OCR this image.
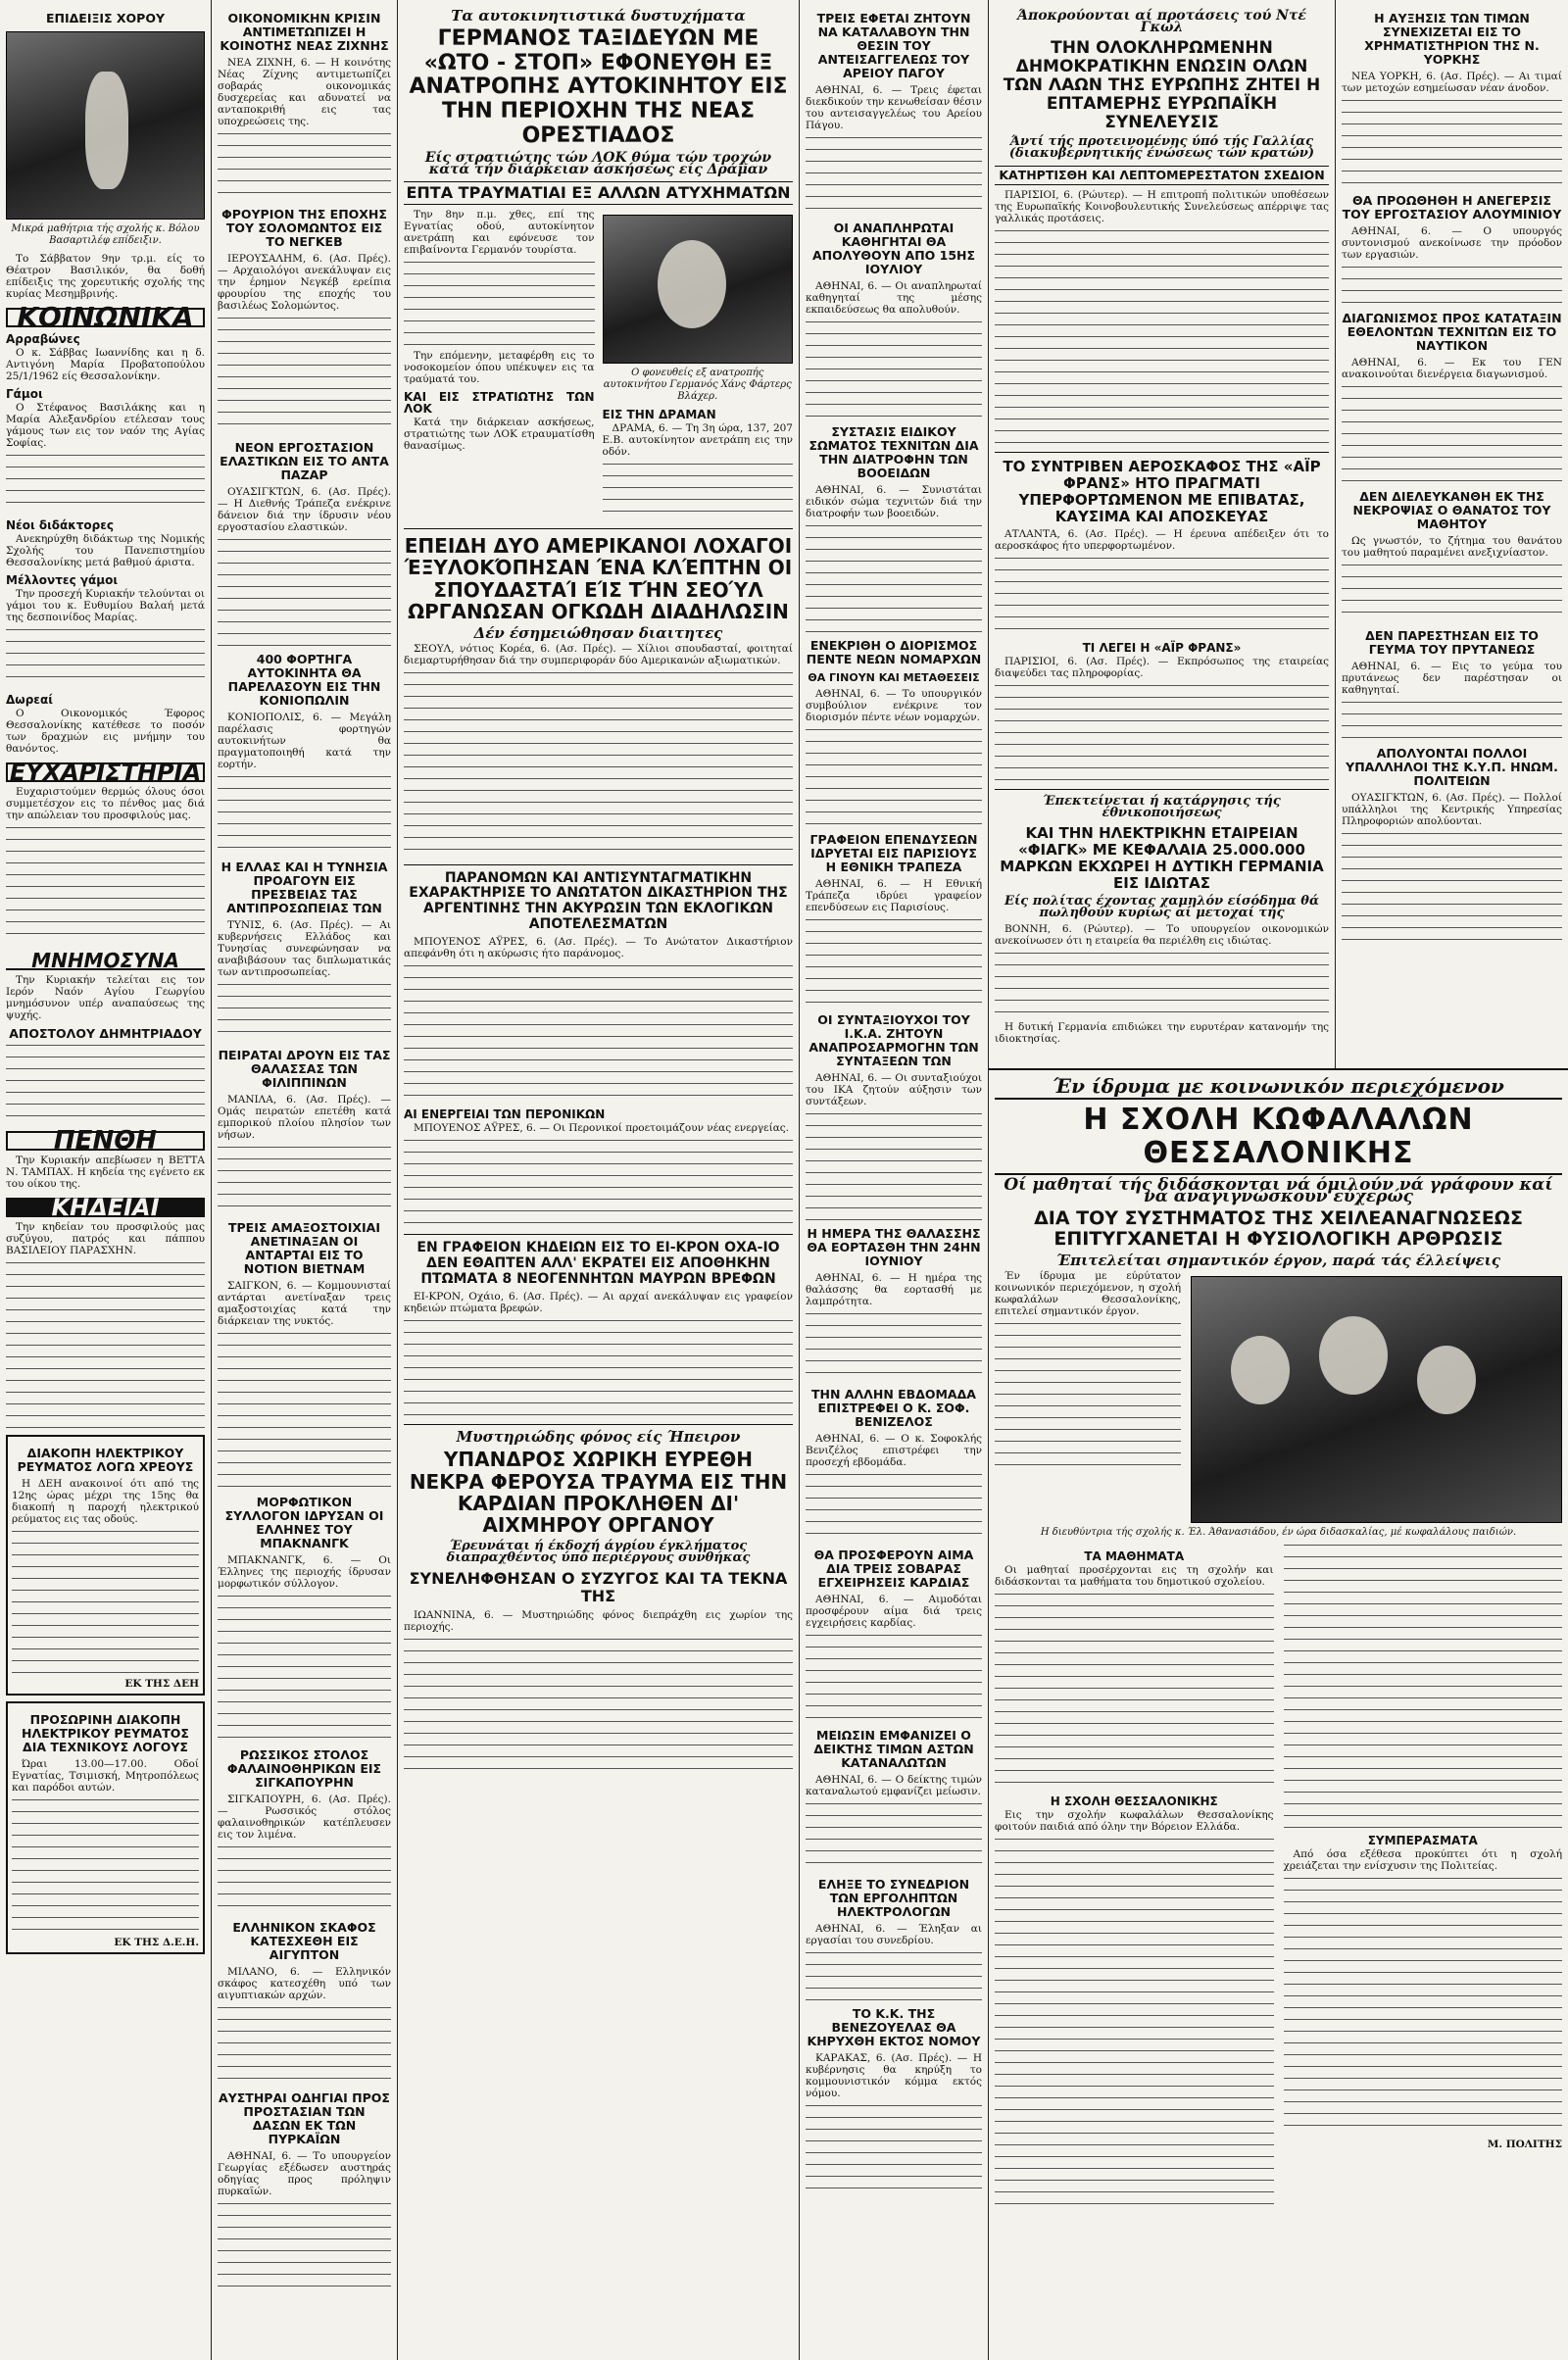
ΕΠΙΔΕΙΞΙΣ ΧΟΡΟΥ
Μικρά μαθήτρια τής σχολής κ. Βόλου Βασαρτιλέφ επίδειξιν.

Το Σάββατον 9ην τρ.μ. είς το Θέατρον Βασιλικόν, θα δοθή επίδειξις της χορευτικής σχολής της κυρίας Μεσημβρινής.

ΚΟΙΝΩΝΙΚΑ
Αρραβώνες

Ο κ. Σάββας Ιωαννίδης και η δ. Αντιγόνη Μαρία Προβατοπούλου 25/1/1962 είς Θεσσαλονίκην.

Γάμοι

Ο Στέφανος Βασιλάκης και η Μαρία Αλεξανδρίου ετέλεσαν τους γάμους των εις τον ναόν της Αγίας Σοφίας.

Νέοι διδάκτορες

Ανεκηρύχθη διδάκτωρ της Νομικής Σχολής του Πανεπιστημίου Θεσσαλονίκης μετά βαθμού άριστα.

Μέλλοντες γάμοι

Την προσεχή Κυριακήν τελούνται οι γάμοι του κ. Ευθυμίου Βαλαή μετά της δεσποινίδος Μαρίας.

Δωρεαί

Ο Οικονομικός Έφορος Θεσσαλονίκης κατέθεσε το ποσόν των δραχμών εις μνήμην του θανόντος.

ΕΥΧΑΡΙΣΤΗΡΙΑ

Ευχαριστούμεν θερμώς όλους όσοι συμμετέσχον εις το πένθος μας διά την απώλειαν του προσφιλούς μας.

ΜΝΗΜΟΣΥΝΑ

Την Κυριακήν τελείται εις τον Ιερόν Ναόν Αγίου Γεωργίου μνημόσυνον υπέρ αναπαύσεως της ψυχής.

ΑΠΟΣΤΟΛΟΥ ΔΗΜΗΤΡΙΑΔΟΥ
ΠΕΝΘΗ

Την Κυριακήν απεβίωσεν η ΒΕΤΤΑ Ν. ΤΑΜΠΑΧ. Η κηδεία της εγένετο εκ του οίκου της.

ΚΗΔΕΙΑΙ

Την κηδείαν του προσφιλούς μας συζύγου, πατρός και πάππου ΒΑΣΙΛΕΙΟΥ ΠΑΡΑΣΧΗΝ.

ΔΙΑΚΟΠΗ ΗΛΕΚΤΡΙΚΟΥ ΡΕΥΜΑΤΟΣ ΛΟΓΩ ΧΡΕΟΥΣ

Η ΔΕΗ ανακοινοί ότι από της 12ης ώρας μέχρι της 15ης θα διακοπή η παροχή ηλεκτρικού ρεύματος εις τας οδούς.

ΕΚ ΤΗΣ ΔΕΗ
ΠΡΟΣΩΡΙΝΗ ΔΙΑΚΟΠΗ ΗΛΕΚΤΡΙΚΟΥ ΡΕΥΜΑΤΟΣ ΔΙΑ ΤΕΧΝΙΚΟΥΣ ΛΟΓΟΥΣ

Ώραι 13.00—17.00. Οδοί Εγνατίας, Τσιμισκή, Μητροπόλεως και παρόδοι αυτών.

ΕΚ ΤΗΣ Δ.Ε.Η.
ΟΙΚΟΝΟΜΙΚΗΝ ΚΡΙΣΙΝ ΑΝΤΙΜΕΤΩΠΙΖΕΙ Η ΚΟΙΝΟΤΗΣ ΝΕΑΣ ΖΙΧΝΗΣ

ΝΕΑ ΖΙΧΝΗ, 6. — Η κοινότης Νέας Ζίχνης αντιμετωπίζει σοβαράς οικονομικάς δυσχερείας και αδυνατεί να ανταποκριθή εις τας υποχρεώσεις της.

ΦΡΟΥΡΙΟΝ ΤΗΣ ΕΠΟΧΗΣ ΤΟΥ ΣΟΛΟΜΩΝΤΟΣ ΕΙΣ ΤΟ ΝΕΓΚΕΒ

ΙΕΡΟΥΣΑΛΗΜ, 6. (Ασ. Πρές). — Αρχαιολόγοι ανεκάλυψαν εις την έρημον Νεγκέβ ερείπια φρουρίου της εποχής του βασιλέως Σολομώντος.

ΝΕΟΝ ΕΡΓΟΣΤΑΣΙΟΝ ΕΛΑΣΤΙΚΩΝ ΕΙΣ ΤΟ ΑΝΤΑ ΠΑΖΑΡ

ΟΥΑΣΙΓΚΤΩΝ, 6. (Ασ. Πρές). — Η Διεθνής Τράπεζα ενέκρινε δάνειον διά την ίδρυσιν νέου εργοστασίου ελαστικών.

400 ΦΟΡΤΗΓΑ ΑΥΤΟΚΙΝΗΤΑ ΘΑ ΠΑΡΕΛΑΣΟΥΝ ΕΙΣ ΤΗΝ ΚΟΝΙΟΠΩΛΙΝ

ΚΟΝΙΟΠΟΛΙΣ, 6. — Μεγάλη παρέλασις φορτηγών αυτοκινήτων θα πραγματοποιηθή κατά την εορτήν.

Η ΕΛΛΑΣ ΚΑΙ Η ΤΥΝΗΣΙΑ ΠΡΟΑΓΟΥΝ ΕΙΣ ΠΡΕΣΒΕΙΑΣ ΤΑΣ ΑΝΤΙΠΡΟΣΩΠΕΙΑΣ ΤΩΝ

ΤΥΝΙΣ, 6. (Ασ. Πρές). — Αι κυβερνήσεις Ελλάδος και Τυνησίας συνεφώνησαν να αναβιβάσουν τας διπλωματικάς των αντιπροσωπείας.

ΠΕΙΡΑΤΑΙ ΔΡΟΥΝ ΕΙΣ ΤΑΣ ΘΑΛΑΣΣΑΣ ΤΩΝ ΦΙΛΙΠΠΙΝΩΝ

ΜΑΝΙΛΑ, 6. (Ασ. Πρές). — Ομάς πειρατών επετέθη κατά εμπορικού πλοίου πλησίον των νήσων.

ΤΡΕΙΣ ΑΜΑΞΟΣΤΟΙΧΙΑΙ ΑΝΕΤΙΝΑΞΑΝ ΟΙ ΑΝΤΑΡΤΑΙ ΕΙΣ ΤΟ ΝΟΤΙΟΝ ΒΙΕΤΝΑΜ

ΣΑΙΓΚΟΝ, 6. — Κομμουνισταί αντάρται ανετίναξαν τρεις αμαξοστοιχίας κατά την διάρκειαν της νυκτός.

ΜΟΡΦΩΤΙΚΟΝ ΣΥΛΛΟΓΟΝ ΙΔΡΥΣΑΝ ΟΙ ΕΛΛΗΝΕΣ ΤΟΥ ΜΠΑΚΝΑΝΓΚ

ΜΠΑΚΝΑΝΓΚ, 6. — Οι Έλληνες της περιοχής ίδρυσαν μορφωτικόν σύλλογον.

ΡΩΣΣΙΚΟΣ ΣΤΟΛΟΣ ΦΑΛΑΙΝΟΘΗΡΙΚΩΝ ΕΙΣ ΣΙΓΚΑΠΟΥΡΗΝ

ΣΙΓΚΑΠΟΥΡΗ, 6. (Ασ. Πρές). — Ρωσσικός στόλος φαλαινοθηρικών κατέπλευσεν εις τον λιμένα.

ΕΛΛΗΝΙΚΟΝ ΣΚΑΦΟΣ ΚΑΤΕΣΧΕΘΗ ΕΙΣ ΑΙΓΥΠΤΟΝ

ΜΙΛΑΝΟ, 6. — Ελληνικόν σκάφος κατεσχέθη υπό των αιγυπτιακών αρχών.

ΑΥΣΤΗΡΑΙ ΟΔΗΓΙΑΙ ΠΡΟΣ ΠΡΟΣΤΑΣΙΑΝ ΤΩΝ ΔΑΣΩΝ ΕΚ ΤΩΝ ΠΥΡΚΑΪΩΝ

ΑΘΗΝΑΙ, 6. — Το υπουργείον Γεωργίας εξέδωσεν αυστηράς οδηγίας προς πρόληψιν πυρκαϊών.

Τα αυτοκινητιστικά δυστυχήματα
ΓΕΡΜΑΝΟΣ ΤΑΞΙΔΕΥΩΝ ΜΕ «ΩΤΟ - ΣΤΟΠ» ΕΦΟΝΕΥΘΗ ΕΞ ΑΝΑΤΡΟΠΗΣ ΑΥΤΟΚΙΝΗΤΟΥ ΕΙΣ ΤΗΝ ΠΕΡΙΟΧΗΝ ΤΗΣ ΝΕΑΣ ΟΡΕΣΤΙΑΔΟΣ
Είς στρατιώτης τών ΛΟΚ θύμα τών τροχών κατά τήν διάρκειαν άσκήσεως είς Δράμαν
ΕΠΤΑ ΤΡΑΥΜΑΤΙΑΙ ΕΞ ΑΛΛΩΝ ΑΤΥΧΗΜΑΤΩΝ

Την 8ην π.μ. χθες, επί της Εγνατίας οδού, αυτοκίνητον ανετράπη και εφόνευσε τον επιβαίνοντα Γερμανόν τουρίστα.

Την επόμενην, μεταφέρθη εις το νοσοκομείον όπου υπέκυψεν εις τα τραύματά του.

ΚΑΙ ΕΙΣ ΣΤΡΑΤΙΩΤΗΣ ΤΩΝ ΛΟΚ

Κατά την διάρκειαν ασκήσεως, στρατιώτης των ΛΟΚ ετραυματίσθη θανασίμως.

Ο φονευθείς εξ ανατροπής αυτοκινήτου Γερμανός Χάνς Φάρτερς Βλάχερ.
ΕΙΣ ΤΗΝ ΔΡΑΜΑΝ

ΔΡΑΜΑ, 6. — Τη 3η ώρα, 137, 207 Ε.Β. αυτοκίνητον ανετράπη εις την οδόν.

ΕΠΕΙΔΗ ΔΥΟ ΑΜΕΡΙΚΑΝΟΙ ΛΟΧΑΓΟΙ ΈΞΥΛΟΚΌΠΗΣΑΝ ΈΝΑ ΚΛΈΠΤΗΝ ΟΙ ΣΠΟΥΔΑΣΤΑΊ ΕΊΣ ΤΉΝ ΣΕΟΎΛ ΩΡΓΑΝΩΣΑΝ ΟΓΚΩΔΗ ΔΙΑΔΗΛΩΣΙΝ
Δέν έσημειώθησαν διαιτητες

ΣΕΟΥΛ, νότιος Κορέα, 6. (Ασ. Πρές). — Χίλιοι σπουδασταί, φοιτηταί διεμαρτυρήθησαν διά την συμπεριφοράν δύο Αμερικανών αξιωματικών.

ΠΑΡΑΝΟΜΩΝ ΚΑΙ ΑΝΤΙΣΥΝΤΑΓΜΑΤΙΚΗΝ ΕΧΑΡΑΚΤΗΡΙΣΕ ΤΟ ΑΝΩΤΑΤΟΝ ΔΙΚΑΣΤΗΡΙΟΝ ΤΗΣ ΑΡΓΕΝΤΙΝΗΣ ΤΗΝ ΑΚΥΡΩΣΙΝ ΤΩΝ ΕΚΛΟΓΙΚΩΝ ΑΠΟΤΕΛΕΣΜΑΤΩΝ

ΜΠΟΥΕΝΟΣ ΑΫΡΕΣ, 6. (Ασ. Πρές). — Το Ανώτατον Δικαστήριον απεφάνθη ότι η ακύρωσις ήτο παράνομος.

ΑΙ ΕΝΕΡΓΕΙΑΙ ΤΩΝ ΠΕΡΟΝΙΚΩΝ

ΜΠΟΥΕΝΟΣ ΑΫΡΕΣ, 6. — Οι Περονικοί προετοιμάζουν νέας ενεργείας.

ΕΝ ΓΡΑΦΕΙΟΝ ΚΗΔΕΙΩΝ ΕΙΣ ΤΟ ΕΙ-ΚΡΟΝ ΟΧΑ-ΙΟ ΔΕΝ ΕΘΑΠΤΕΝ ΑΛΛ' ΕΚΡΑΤΕΙ ΕΙΣ ΑΠΟΘΗΚΗΝ ΠΤΩΜΑΤΑ 8 ΝΕΟΓΕΝΝΗΤΩΝ ΜΑΥΡΩΝ ΒΡΕΦΩΝ

ΕΙ-ΚΡΟΝ, Οχάιο, 6. (Ασ. Πρές). — Αι αρχαί ανεκάλυψαν εις γραφείον κηδειών πτώματα βρεφών.

Μυστηριώδης φόνος είς Ήπειρον
ΥΠΑΝΔΡΟΣ ΧΩΡΙΚΗ ΕΥΡΕΘΗ ΝΕΚΡΑ ΦΕΡΟΥΣΑ ΤΡΑΥΜΑ ΕΙΣ ΤΗΝ ΚΑΡΔΙΑΝ ΠΡΟΚΛΗΘΕΝ ΔΙ' ΑΙΧΜΗΡΟΥ ΟΡΓΑΝΟΥ
Έρευνάται ή έκδοχή άγρίου έγκλήματος διαπραχθέντος ύπό περιέργους συνθήκας
ΣΥΝΕΛΗΦΘΗΣΑΝ Ο ΣΥΖΥΓΟΣ ΚΑΙ ΤΑ ΤΕΚΝΑ ΤΗΣ

ΙΩΑΝΝΙΝΑ, 6. — Μυστηριώδης φόνος διεπράχθη εις χωρίον της περιοχής.

ΤΡΕΙΣ ΕΦΕΤΑΙ ΖΗΤΟΥΝ ΝΑ ΚΑΤΑΛΑΒΟΥΝ ΤΗΝ ΘΕΣΙΝ ΤΟΥ ΑΝΤΕΙΣΑΓΓΕΛΕΩΣ ΤΟΥ ΑΡΕΙΟΥ ΠΑΓΟΥ

ΑΘΗΝΑΙ, 6. — Τρεις έφεται διεκδικούν την κενωθείσαν θέσιν του αντεισαγγελέως του Αρείου Πάγου.

ΟΙ ΑΝΑΠΛΗΡΩΤΑΙ ΚΑΘΗΓΗΤΑΙ ΘΑ ΑΠΟΛΥΘΟΥΝ ΑΠΟ 15ΗΣ ΙΟΥΛΙΟΥ

ΑΘΗΝΑΙ, 6. — Οι αναπληρωταί καθηγηταί της μέσης εκπαιδεύσεως θα απολυθούν.

ΣΥΣΤΑΣΙΣ ΕΙΔΙΚΟΥ ΣΩΜΑΤΟΣ ΤΕΧΝΙΤΩΝ ΔΙΑ ΤΗΝ ΔΙΑΤΡΟΦΗΝ ΤΩΝ ΒΟΟΕΙΔΩΝ

ΑΘΗΝΑΙ, 6. — Συνιστάται ειδικόν σώμα τεχνιτών διά την διατροφήν των βοοειδών.

ΕΝΕΚΡΙΘΗ Ο ΔΙΟΡΙΣΜΟΣ ΠΕΝΤΕ ΝΕΩΝ ΝΟΜΑΡΧΩΝ
ΘΑ ΓΙΝΟΥΝ ΚΑΙ ΜΕΤΑΘΕΣΕΙΣ

ΑΘΗΝΑΙ, 6. — Το υπουργικόν συμβούλιον ενέκρινε τον διορισμόν πέντε νέων νομαρχών.

ΓΡΑΦΕΙΟΝ ΕΠΕΝΔΥΣΕΩΝ ΙΔΡΥΕΤΑΙ ΕΙΣ ΠΑΡΙΣΙΟΥΣ Η ΕΘΝΙΚΗ ΤΡΑΠΕΖΑ

ΑΘΗΝΑΙ, 6. — Η Εθνική Τράπεζα ιδρύει γραφείον επενδύσεων εις Παρισίους.

ΟΙ ΣΥΝΤΑΞΙΟΥΧΟΙ ΤΟΥ Ι.Κ.Α. ΖΗΤΟΥΝ ΑΝΑΠΡΟΣΑΡΜΟΓΗΝ ΤΩΝ ΣΥΝΤΑΞΕΩΝ ΤΩΝ

ΑΘΗΝΑΙ, 6. — Οι συνταξιούχοι του ΙΚΑ ζητούν αύξησιν των συντάξεων.

Η ΗΜΕΡΑ ΤΗΣ ΘΑΛΑΣΣΗΣ ΘΑ ΕΟΡΤΑΣΘΗ ΤΗΝ 24ΗΝ ΙΟΥΝΙΟΥ

ΑΘΗΝΑΙ, 6. — Η ημέρα της θαλάσσης θα εορτασθή με λαμπρότητα.

ΤΗΝ ΑΛΛΗΝ ΕΒΔΟΜΑΔΑ ΕΠΙΣΤΡΕΦΕΙ Ο Κ. ΣΟΦ. ΒΕΝΙΖΕΛΟΣ

ΑΘΗΝΑΙ, 6. — Ο κ. Σοφοκλής Βενιζέλος επιστρέφει την προσεχή εβδομάδα.

ΘΑ ΠΡΟΣΦΕΡΟΥΝ ΑΙΜΑ ΔΙΑ ΤΡΕΙΣ ΣΟΒΑΡΑΣ ΕΓΧΕΙΡΗΣΕΙΣ ΚΑΡΔΙΑΣ

ΑΘΗΝΑΙ, 6. — Αιμοδόται προσφέρουν αίμα διά τρεις εγχειρήσεις καρδίας.

ΜΕΙΩΣΙΝ ΕΜΦΑΝΙΖΕΙ Ο ΔΕΙΚΤΗΣ ΤΙΜΩΝ ΑΣΤΩΝ ΚΑΤΑΝΑΛΩΤΩΝ

ΑΘΗΝΑΙ, 6. — Ο δείκτης τιμών καταναλωτού εμφανίζει μείωσιν.

ΕΛΗΞΕ ΤΟ ΣΥΝΕΔΡΙΟΝ ΤΩΝ ΕΡΓΟΛΗΠΤΩΝ ΗΛΕΚΤΡΟΛΟΓΩΝ

ΑΘΗΝΑΙ, 6. — Έληξαν αι εργασίαι του συνεδρίου.

ΤΟ Κ.Κ. ΤΗΣ ΒΕΝΕΖΟΥΕΛΑΣ ΘΑ ΚΗΡΥΧΘΗ ΕΚΤΟΣ ΝΟΜΟΥ

ΚΑΡΑΚΑΣ, 6. (Ασ. Πρές). — Η κυβέρνησις θα κηρύξη το κομμουνιστικόν κόμμα εκτός νόμου.

Άποκρούονται αί προτάσεις τού Ντέ Γκώλ
ΤΗΝ ΟΛΟΚΛΗΡΩΜΕΝΗΝ ΔΗΜΟΚΡΑΤΙΚΗΝ ΕΝΩΣΙΝ ΟΛΩΝ ΤΩΝ ΛΑΩΝ ΤΗΣ ΕΥΡΩΠΗΣ ΖΗΤΕΙ Η ΕΠΤΑΜΕΡΗΣ ΕΥΡΩΠΑΪΚΗ ΣΥΝΕΛΕΥΣΙΣ
Άντί τής προτεινομένης ύπό τής Γαλλίας (διακυβερνητικής ένώσεως τών κρατών)
ΚΑΤΗΡΤΙΣΘΗ ΚΑΙ ΛΕΠΤΟΜΕΡΕΣΤΑΤΟΝ ΣΧΕΔΙΟΝ

ΠΑΡΙΣΙΟΙ, 6. (Ρώυτερ). — Η επιτροπή πολιτικών υποθέσεων της Ευρωπαϊκής Κοινοβουλευτικής Συνελεύσεως απέρριψε τας γαλλικάς προτάσεις.

ΤΟ ΣΥΝΤΡΙΒΕΝ ΑΕΡΟΣΚΑΦΟΣ ΤΗΣ «ΑΪΡ ΦΡΑΝΣ» ΗΤΟ ΠΡΑΓΜΑΤΙ ΥΠΕΡΦΟΡΤΩΜΕΝΟΝ ΜΕ ΕΠΙΒΑΤΑΣ, ΚΑΥΣΙΜΑ ΚΑΙ ΑΠΟΣΚΕΥΑΣ

ΑΤΛΑΝΤΑ, 6. (Ασ. Πρές). — Η έρευνα απέδειξεν ότι το αεροσκάφος ήτο υπερφορτωμένον.

ΤΙ ΛΕΓΕΙ Η «ΑΪΡ ΦΡΑΝΣ»

ΠΑΡΙΣΙΟΙ, 6. (Ασ. Πρές). — Εκπρόσωπος της εταιρείας διαψεύδει τας πληροφορίας.

Έπεκτείνεται ή κατάργησις τής έθνικοποιήσεως
ΚΑΙ ΤΗΝ ΗΛΕΚΤΡΙΚΗΝ ΕΤΑΙΡΕΙΑΝ «ΦΙΑΓΚ» ΜΕ ΚΕΦΑΛΑΙΑ 25.000.000 ΜΑΡΚΩΝ ΕΚΧΩΡΕΙ Η ΔΥΤΙΚΗ ΓΕΡΜΑΝΙΑ ΕΙΣ ΙΔΙΩΤΑΣ
Είς πολίτας έχοντας χαμηλόν είσόδημα θά πωληθούν κυρίως αί μετοχαί τής

ΒΟΝΝΗ, 6. (Ρώυτερ). — Το υπουργείον οικονομικών ανεκοίνωσεν ότι η εταιρεία θα περιέλθη εις ιδιώτας.

Η δυτική Γερμανία επιδιώκει την ευρυτέραν κατανομήν της ιδιοκτησίας.

Η ΑΥΞΗΣΙΣ ΤΩΝ ΤΙΜΩΝ ΣΥΝΕΧΙΖΕΤΑΙ ΕΙΣ ΤΟ ΧΡΗΜΑΤΙΣΤΗΡΙΟΝ ΤΗΣ Ν. ΥΟΡΚΗΣ

ΝΕΑ ΥΟΡΚΗ, 6. (Ασ. Πρές). — Αι τιμαί των μετοχών εσημείωσαν νέαν άνοδον.

ΘΑ ΠΡΟΩΘΗΘΗ Η ΑΝΕΓΕΡΣΙΣ ΤΟΥ ΕΡΓΟΣΤΑΣΙΟΥ ΑΛΟΥΜΙΝΙΟΥ

ΑΘΗΝΑΙ, 6. — Ο υπουργός συντονισμού ανεκοίνωσε την πρόοδον των εργασιών.

ΔΙΑΓΩΝΙΣΜΟΣ ΠΡΟΣ ΚΑΤΑΤΑΞΙΝ ΕΘΕΛΟΝΤΩΝ ΤΕΧΝΙΤΩΝ ΕΙΣ ΤΟ ΝΑΥΤΙΚΟΝ

ΑΘΗΝΑΙ, 6. — Εκ του ΓΕΝ ανακοινούται διενέργεια διαγωνισμού.

ΔΕΝ ΔΙΕΛΕΥΚΑΝΘΗ ΕΚ ΤΗΣ ΝΕΚΡΟΨΙΑΣ Ο ΘΑΝΑΤΟΣ ΤΟΥ ΜΑΘΗΤΟΥ

Ως γνωστόν, το ζήτημα του θανάτου του μαθητού παραμένει ανεξιχνίαστον.

ΔΕΝ ΠΑΡΕΣΤΗΣΑΝ ΕΙΣ ΤΟ ΓΕΥΜΑ ΤΟΥ ΠΡΥΤΑΝΕΩΣ

ΑΘΗΝΑΙ, 6. — Εις το γεύμα του πρυτάνεως δεν παρέστησαν οι καθηγηταί.

ΑΠΟΛΥΟΝΤΑΙ ΠΟΛΛΟΙ ΥΠΑΛΛΗΛΟΙ ΤΗΣ Κ.Υ.Π. ΗΝΩΜ. ΠΟΛΙΤΕΙΩΝ

ΟΥΑΣΙΓΚΤΩΝ, 6. (Ασ. Πρές). — Πολλοί υπάλληλοι της Κεντρικής Υπηρεσίας Πληροφοριών απολύονται.

Έν ίδρυμα με κοινωνικόν περιεχόμενον
Η ΣΧΟΛΗ ΚΩΦΑΛΑΛΩΝ ΘΕΣΣΑΛΟΝΙΚΗΣ
Οί μαθηταί τής διδάσκονται νά όμιλούν νά γράφουν καί νά άναγιγνώσκουν εύχερώς
ΔΙΑ ΤΟΥ ΣΥΣΤΗΜΑΤΟΣ ΤΗΣ ΧΕΙΛΕΑΝΑΓΝΩΣΕΩΣ ΕΠΙΤΥΓΧΑΝΕΤΑΙ Η ΦΥΣΙΟΛΟΓΙΚΗ ΑΡΘΡΩΣΙΣ
Έπιτελείται σημαντικόν έργον, παρά τάς έλλείψεις

Έν ίδρυμα με εύρύτατον κοινωνικόν περιεχόμενον, η σχολή κωφαλάλων Θεσσαλονίκης, επιτελεί σημαντικόν έργον.

Η διευθύντρια τής σχολής κ. Έλ. Άθανασιάδου, έν ώρα διδασκαλίας, μέ κωφαλάλους παιδιών.
ΤΑ ΜΑΘΗΜΑΤΑ

Οι μαθηταί προσέρχονται εις τη σχολήν και διδάσκονται τα μαθήματα του δημοτικού σχολείου.

Η ΣΧΟΛΗ ΘΕΣΣΑΛΟΝΙΚΗΣ

Εις την σχολήν κωφαλάλων Θεσσαλονίκης φοιτούν παιδιά από όλην την Βόρειον Ελλάδα.

ΣΥΜΠΕΡΑΣΜΑΤΑ

Από όσα εξέθεσα προκύπτει ότι η σχολή χρειάζεται την ενίσχυσιν της Πολιτείας.

Μ. ΠΟΛΙΤΗΣ
